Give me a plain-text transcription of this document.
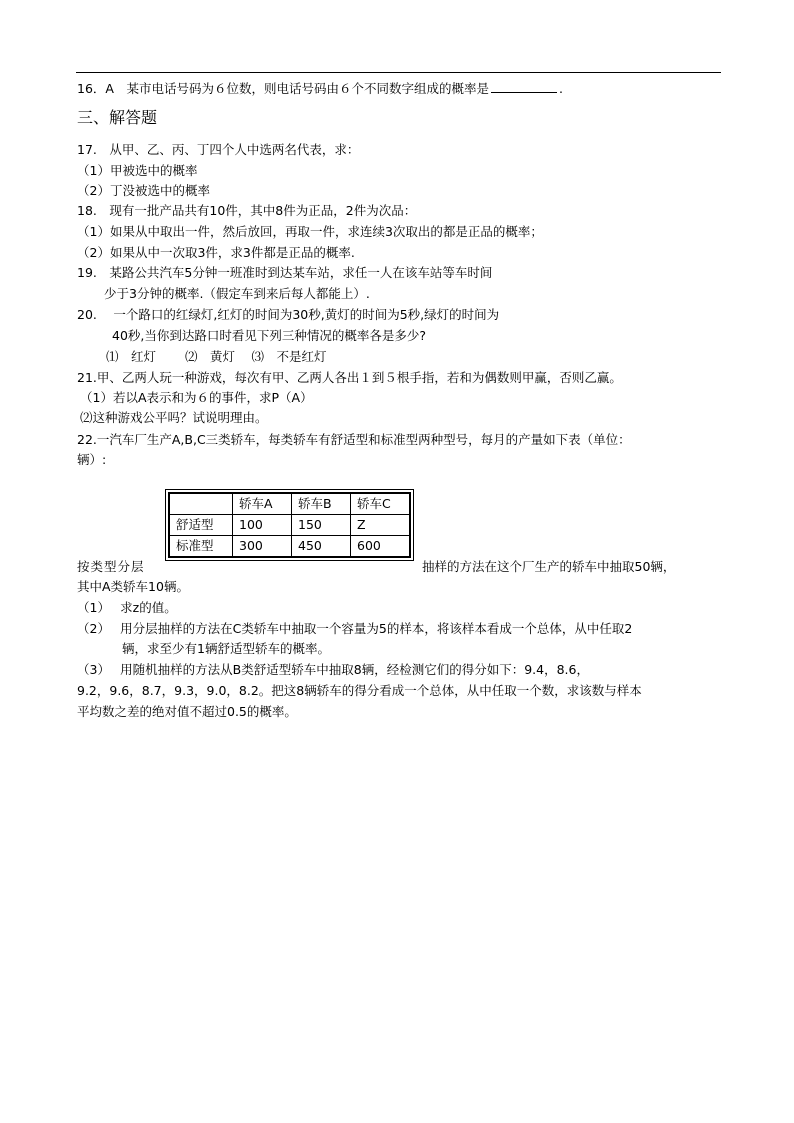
16．A　某市电话号码为６位数，则电话号码由６个不同数字组成的概率是	.
三、解答题
17.　从甲、乙、丙、丁四个人中选两名代表，求：
（1）甲被选中的概率
（2）丁没被选中的概率
18.　现有一批产品共有10件，其中8件为正品，2件为次品：
（1）如果从中取出一件，然后放回，再取一件，求连续3次取出的都是正品的概率；
（2）如果从中一次取3件，求3件都是正品的概率.
19.　某路公共汽车5分钟一班准时到达某车站，求任一人在该车站等车时间
少于3分钟的概率.（假定车到来后每人都能上）.
20.　 一个路口的红绿灯,红灯的时间为30秒,黄灯的时间为5秒,绿灯的时间为
40秒,当你到达路口时看见下列三种情况的概率各是多少?
⑴　红灯　　 ⑵　黄灯　 ⑶　不是红灯
21.甲、乙两人玩一种游戏，每次有甲、乙两人各出１到５根手指，若和为偶数则甲赢，否则乙赢。
（1）若以A表示和为６的事件，求P（A）
⑵这种游戏公平吗？试说明理由。
22.一汽车厂生产A,B,C三类轿车，每类轿车有舒适型和标准型两种型号，每月的产量如下表（单位：
辆）:
	轿车A	轿车B	轿车C
舒适型	100	150	Z
标准型	300	450	600
按类型分层	抽样的方法在这个厂生产的轿车中抽取50辆，
其中A类轿车10辆。
（1）　 求z的值。
（2）　 用分层抽样的方法在C类轿车中抽取一个容量为5的样本，将该样本看成一个总体，从中任取2
辆，求至少有1辆舒适型轿车的概率。
（3）　 用随机抽样的方法从B类舒适型轿车中抽取8辆，经检测它们的得分如下：9.4，8.6，
9.2，9.6，8.7，9.3，9.0，8.2。把这8辆轿车的得分看成一个总体，从中任取一个数，求该数与样本
平均数之差的绝对值不超过0.5的概率。
